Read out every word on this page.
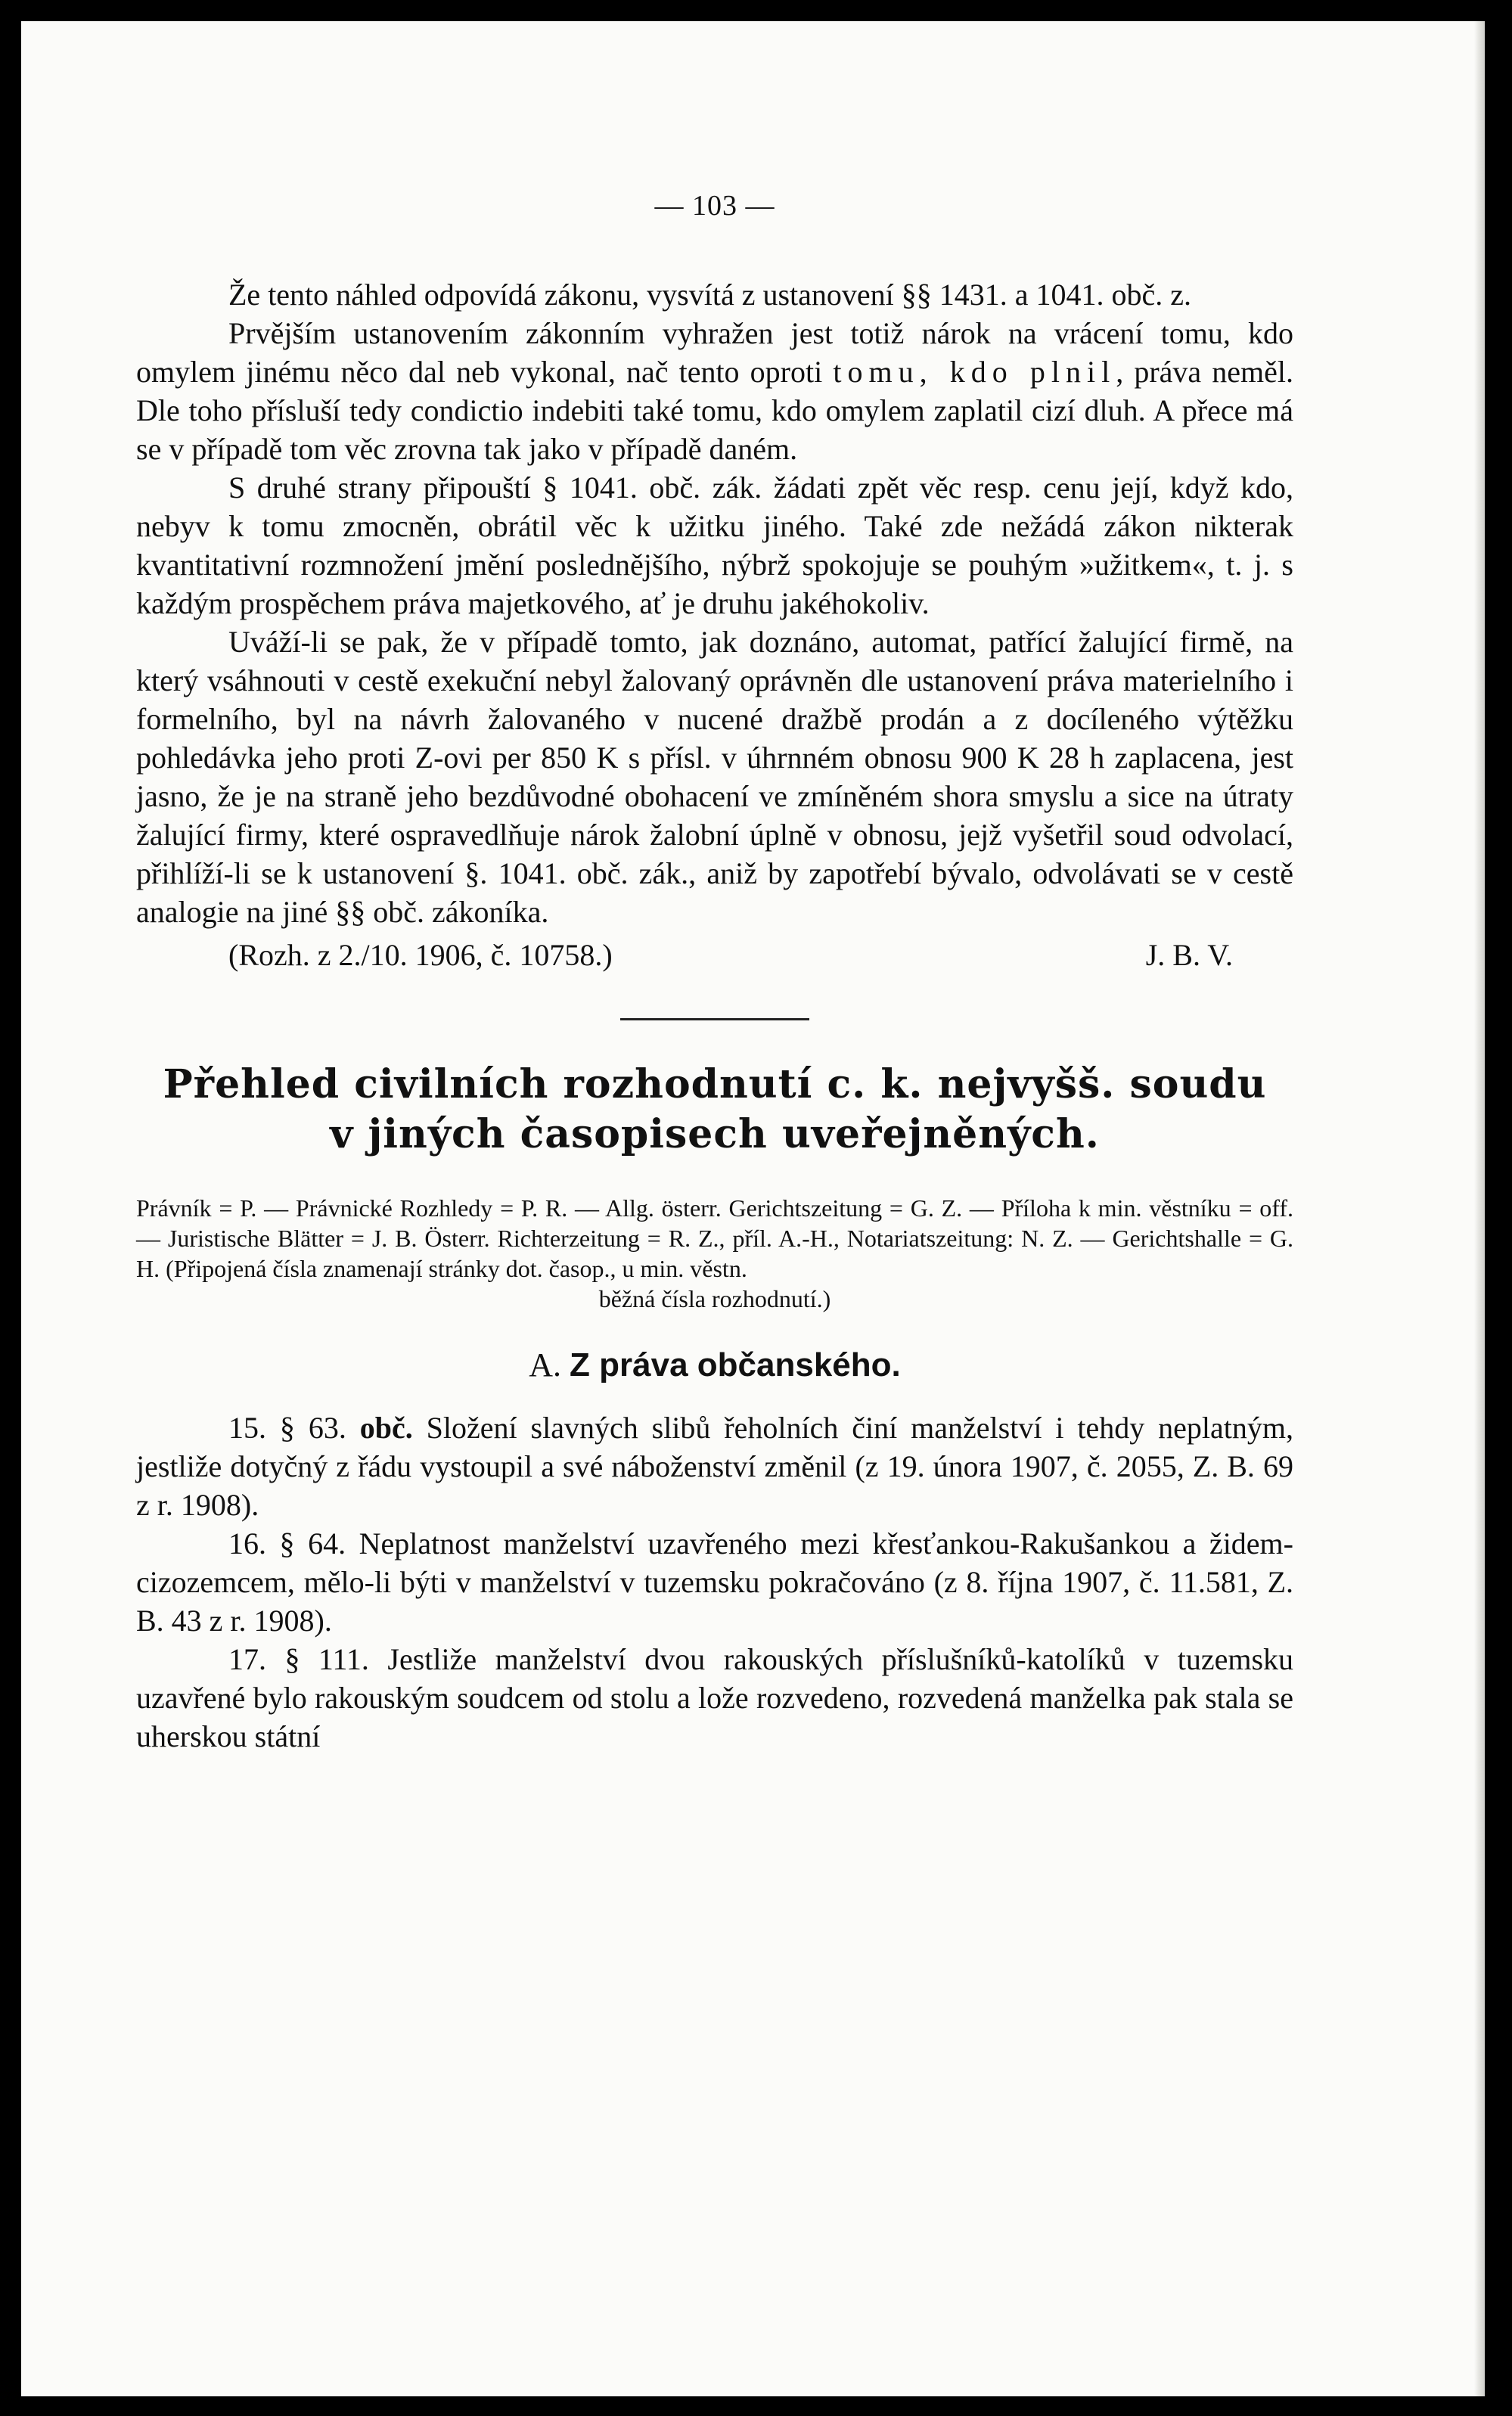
— 103 —

Že tento náhled odpovídá zákonu, vysvítá z ustanovení §§ 1431. a 1041. obč. z.

Prvějším ustanovením zákonním vyhražen jest totiž nárok na vrácení tomu, kdo omylem jinému něco dal neb vykonal, nač tento oproti tomu, kdo plnil, práva neměl. Dle toho přísluší tedy condictio indebiti také tomu, kdo omylem zaplatil cizí dluh. A přece má se v případě tom věc zrovna tak jako v případě daném.

S druhé strany připouští § 1041. obč. zák. žádati zpět věc resp. cenu její, když kdo, nebyv k tomu zmocněn, obrátil věc k užitku jiného. Také zde nežádá zákon nikterak kvantitativní rozmnožení jmění poslednějšího, nýbrž spokojuje se pouhým »užitkem«, t. j. s každým prospěchem práva majetkového, ať je druhu jakéhokoliv.

Uváží-li se pak, že v případě tomto, jak doznáno, automat, patřící žalující firmě, na který vsáhnouti v cestě exekuční nebyl žalovaný oprávněn dle ustanovení práva materielního i formelního, byl na návrh žalovaného v nucené dražbě prodán a z docíleného výtěžku pohledávka jeho proti Z-ovi per 850 K s přísl. v úhrnném obnosu 900 K 28 h zaplacena, jest jasno, že je na straně jeho bezdůvodné obohacení ve zmíněném shora smyslu a sice na útraty žalující firmy, které ospravedlňuje nárok žalobní úplně v obnosu, jejž vyšetřil soud odvolací, přihlíží-li se k ustanovení §. 1041. obč. zák., aniž by zapotřebí bývalo, odvolávati se v cestě analogie na jiné §§ obč. zákoníka.

(Rozh. z 2./10. 1906, č. 10758.)	J. B. V.
Přehled civilních rozhodnutí c. k. nejvyšš. soudu
v jiných časopisech uveřejněných.
Právník = P. — Právnické Rozhledy = P. R. — Allg. österr. Gerichtszeitung = G. Z. — Příloha k min. věstníku = off. — Juristische Blätter = J. B. Österr. Richterzeitung = R. Z., příl. A.-H., Notariatszeitung: N. Z. — Gerichtshalle = G. H. (Připojená čísla znamenají stránky dot. časop., u min. věstn.
běžná čísla rozhodnutí.)
A. Z práva občanského.

15. § 63. obč. Složení slavných slibů řeholních činí manželství i tehdy neplatným, jestliže dotyčný z řádu vystoupil a své náboženství změnil (z 19. února 1907, č. 2055, Z. B. 69 z r. 1908).

16. § 64. Neplatnost manželství uzavřeného mezi křesťankou-Rakušankou a židem-cizozemcem, mělo-li býti v manželství v tuzemsku pokračováno (z 8. října 1907, č. 11.581, Z. B. 43 z r. 1908).

17. § 111. Jestliže manželství dvou rakouských příslušníků-katolíků v tuzemsku uzavřené bylo rakouským soudcem od stolu a lože rozvedeno, rozvedená manželka pak stala se uherskou státní
